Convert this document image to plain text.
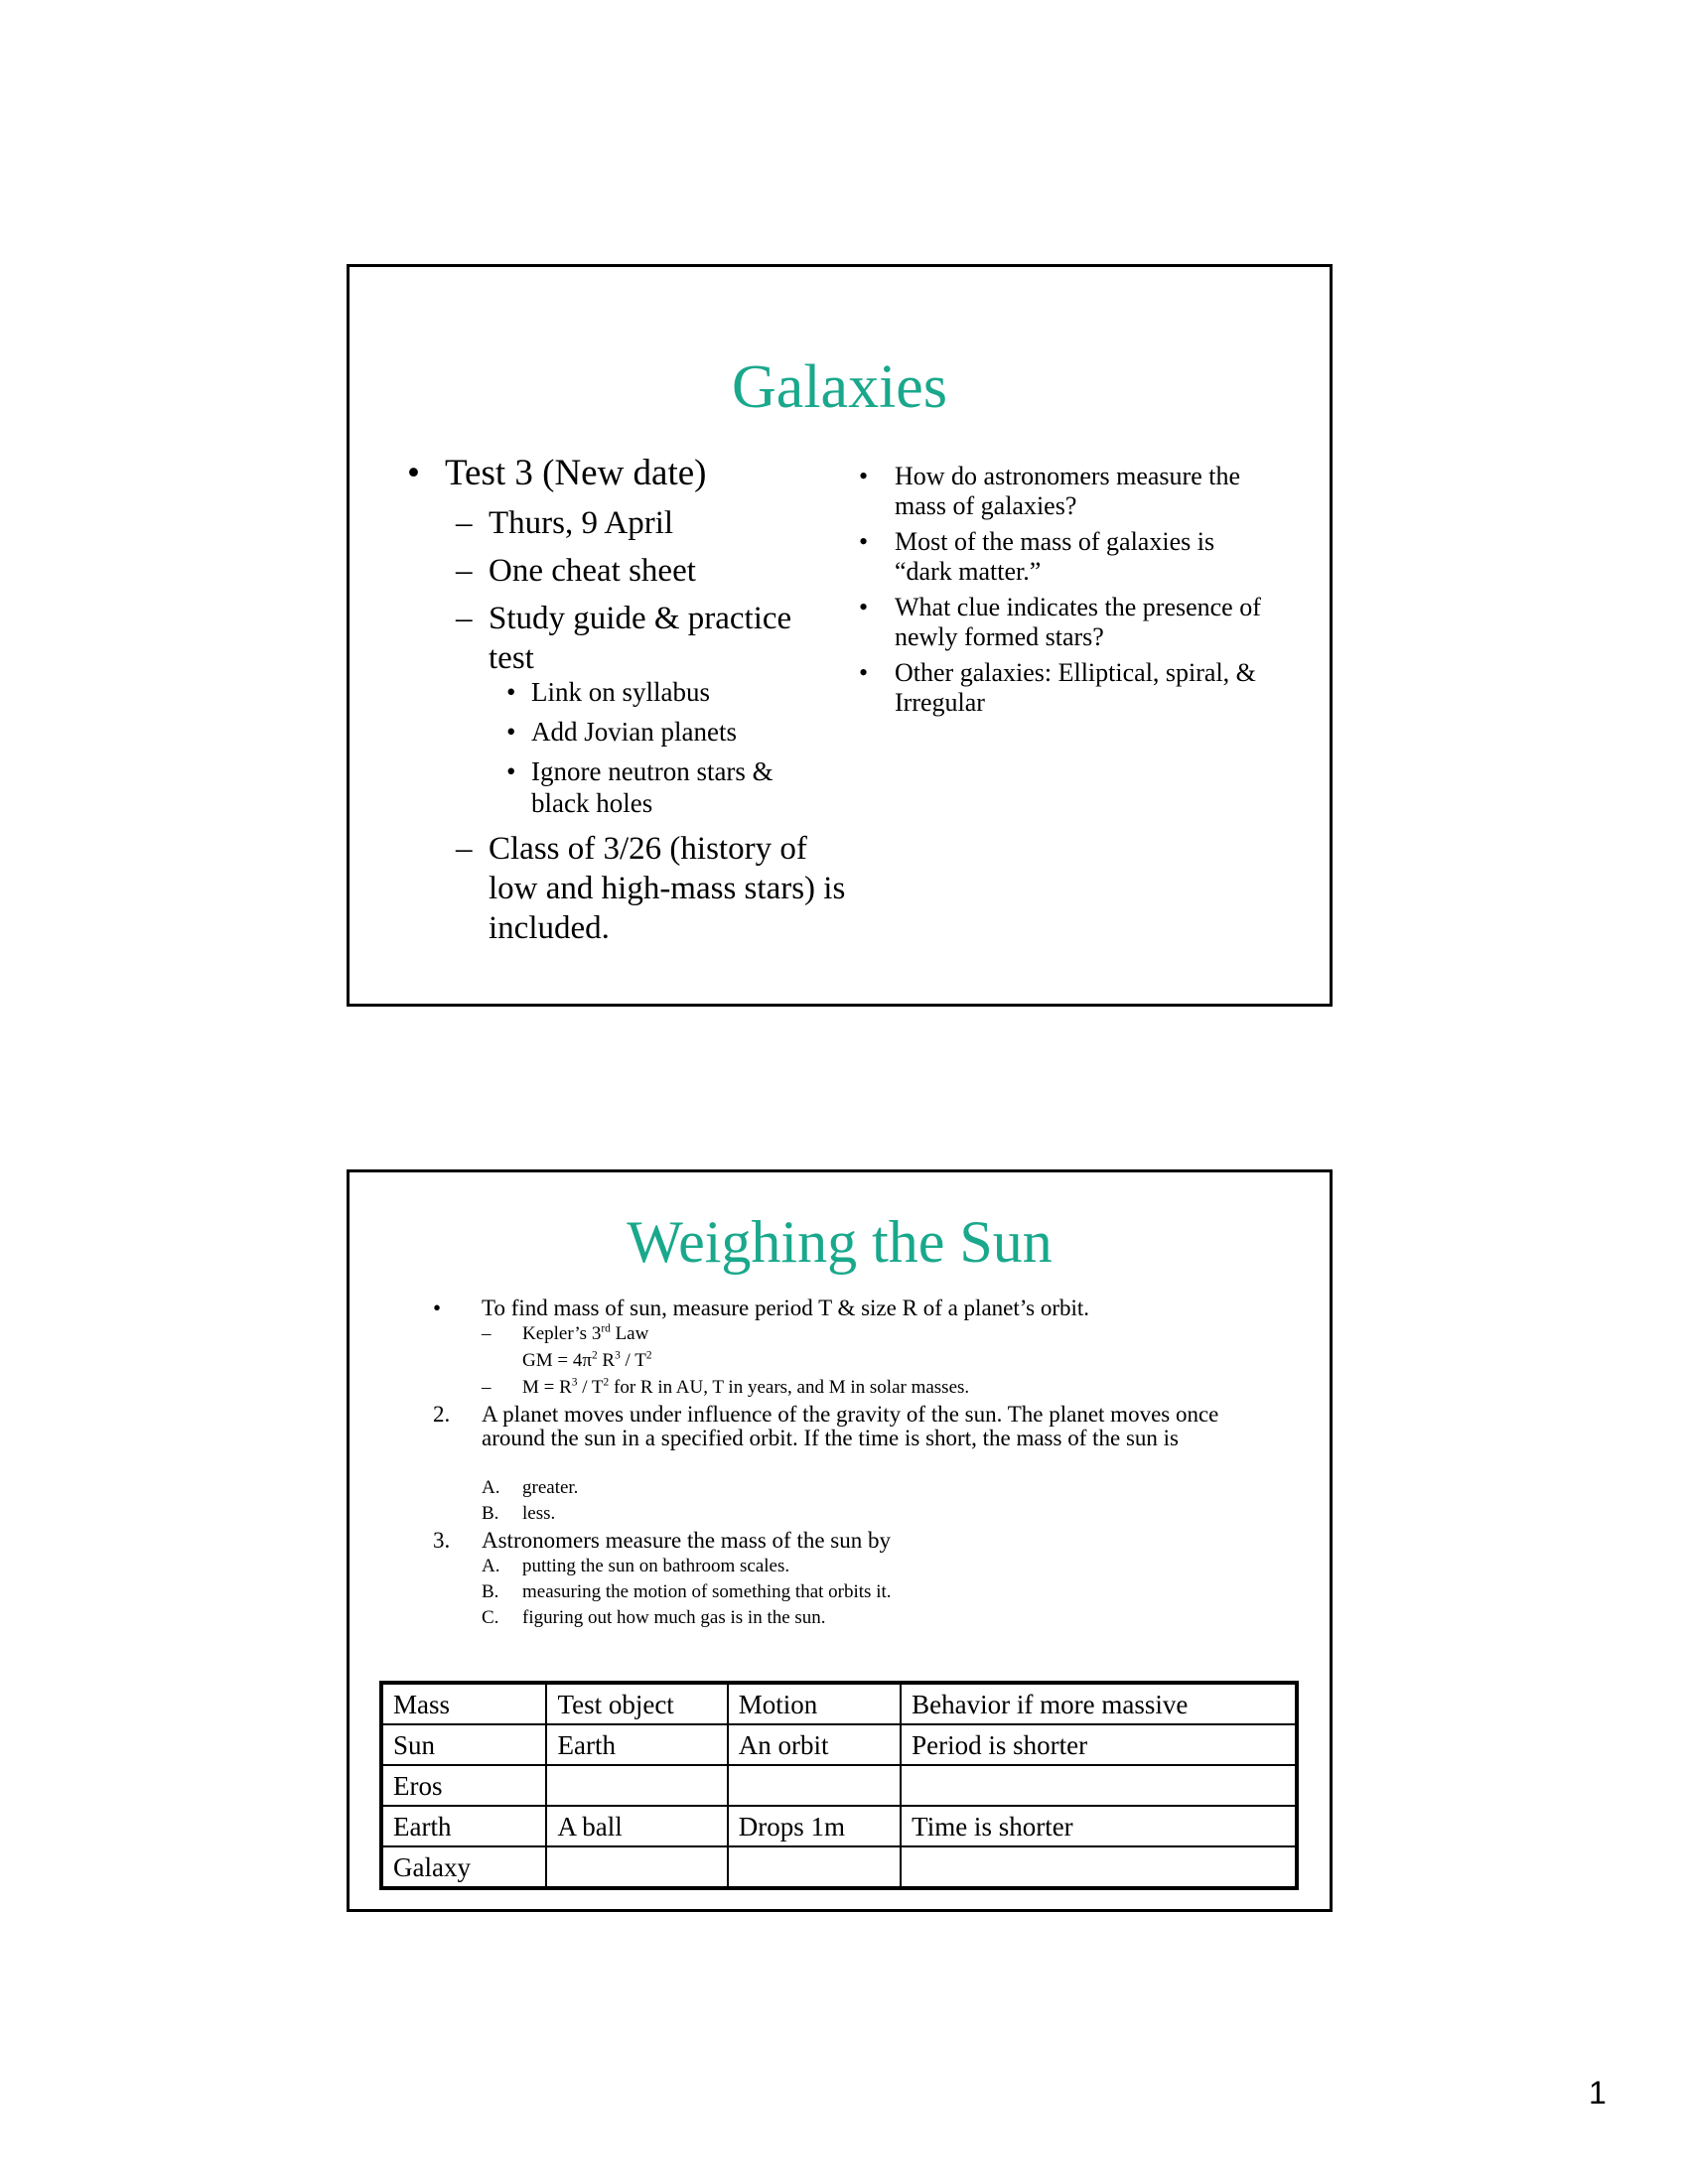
Galaxies
• Test 3 (New date)
– Thurs, 9 April
– One cheat sheet
– Study guide & practice test
• Link on syllabus
• Add Jovian planets
• Ignore neutron stars & black holes
– Class of 3/26 (history of low and high-mass stars) is included.
• How do astronomers measure the mass of galaxies?
• Most of the mass of galaxies is “dark matter.”
• What clue indicates the presence of newly formed stars?
• Other galaxies: Elliptical, spiral, & Irregular
Weighing the Sun
• To find mass of sun, measure period T & size R of a planet’s orbit.
– Kepler’s 3rd Law
GM = $4\pi^2$ $R^3 / T^2$
– $M = R^3 / T^2$ for R in AU, T in years, and M in solar masses.
2. A planet moves under influence of the gravity of the sun. The planet moves once around the sun in a specified orbit. If the time is short, the mass of the sun is
A. greater.
B. less.
3. Astronomers measure the mass of the sun by
A. putting the sun on bathroom scales.
B. measuring the motion of something that orbits it.
C. figuring out how much gas is in the sun.
Mass	Test object	Motion	Behavior if more massive
Sun	Earth	An orbit	Period is shorter
Eros			
Earth	A ball	Drops 1m	Time is shorter
Galaxy			
1
